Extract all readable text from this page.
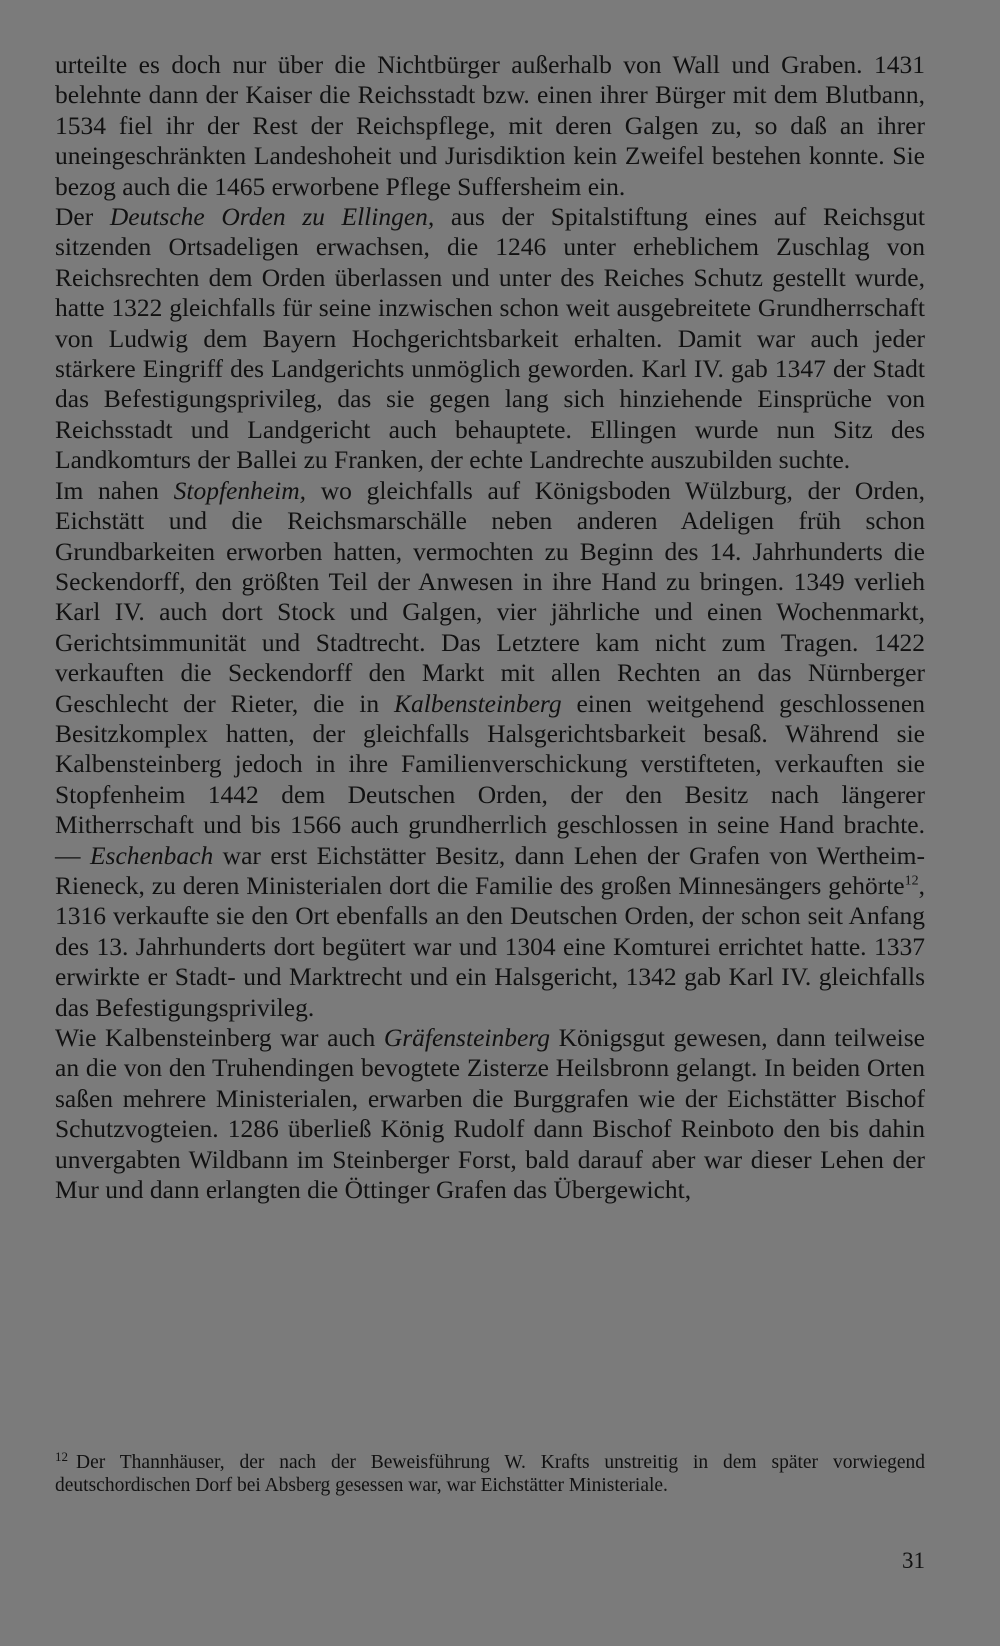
urteilte es doch nur über die Nichtbürger außerhalb von Wall und Graben. 1431 belehnte dann der Kaiser die Reichsstadt bzw. einen ihrer Bürger mit dem Blutbann, 1534 fiel ihr der Rest der Reichspflege, mit deren Galgen zu, so daß an ihrer uneingeschränkten Landeshoheit und Jurisdiktion kein Zweifel bestehen konnte. Sie bezog auch die 1465 erworbene Pflege Suffersheim ein.

Der Deutsche Orden zu Ellingen, aus der Spitalstiftung eines auf Reichsgut sitzenden Ortsadeligen erwachsen, die 1246 unter erheblichem Zuschlag von Reichsrechten dem Orden überlassen und unter des Reiches Schutz gestellt wurde, hatte 1322 gleichfalls für seine inzwischen schon weit ausgebreitete Grundherrschaft von Ludwig dem Bayern Hochgerichtsbarkeit erhalten. Damit war auch jeder stärkere Eingriff des Landgerichts unmöglich geworden. Karl IV. gab 1347 der Stadt das Befestigungsprivileg, das sie gegen lang sich hinziehende Einsprüche von Reichsstadt und Landgericht auch behauptete. Ellingen wurde nun Sitz des Landkomturs der Ballei zu Franken, der echte Landrechte auszubilden suchte.

Im nahen Stopfenheim, wo gleichfalls auf Königsboden Wülzburg, der Orden, Eichstätt und die Reichsmarschälle neben anderen Adeligen früh schon Grundbarkeiten erworben hatten, vermochten zu Beginn des 14. Jahrhunderts die Seckendorff, den größten Teil der Anwesen in ihre Hand zu bringen. 1349 verlieh Karl IV. auch dort Stock und Galgen, vier jährliche und einen Wochenmarkt, Gerichtsimmunität und Stadtrecht. Das Letztere kam nicht zum Tragen. 1422 verkauften die Seckendorff den Markt mit allen Rechten an das Nürnberger Geschlecht der Rieter, die in Kalbensteinberg einen weitgehend geschlossenen Besitzkomplex hatten, der gleichfalls Halsgerichtsbarkeit besaß. Während sie Kalbensteinberg jedoch in ihre Familienverschickung verstifteten, verkauften sie Stopfenheim 1442 dem Deutschen Orden, der den Besitz nach längerer Mitherrschaft und bis 1566 auch grundherrlich geschlossen in seine Hand brachte. — Eschenbach war erst Eichstätter Besitz, dann Lehen der Grafen von Wertheim-Rieneck, zu deren Ministerialen dort die Familie des großen Minnesängers gehörte$^{12}$, 1316 verkaufte sie den Ort ebenfalls an den Deutschen Orden, der schon seit Anfang des 13. Jahrhunderts dort begütert war und 1304 eine Komturei errichtet hatte. 1337 erwirkte er Stadt- und Marktrecht und ein Halsgericht, 1342 gab Karl IV. gleichfalls das Befestigungsprivileg.

Wie Kalbensteinberg war auch Gräfensteinberg Königsgut gewesen, dann teilweise an die von den Truhendingen bevogtete Zisterze Heilsbronn gelangt. In beiden Orten saßen mehrere Ministerialen, erwarben die Burggrafen wie der Eichstätter Bischof Schutzvogteien. 1286 überließ König Rudolf dann Bischof Reinboto den bis dahin unvergabten Wildbann im Steinberger Forst, bald darauf aber war dieser Lehen der Mur und dann erlangten die Öttinger Grafen das Übergewicht,

$^{12}$ Der Thannhäuser, der nach der Beweisführung W. Krafts unstreitig in dem später vorwiegend deutschordischen Dorf bei Absberg gesessen war, war Eichstätter Ministeriale.
31
